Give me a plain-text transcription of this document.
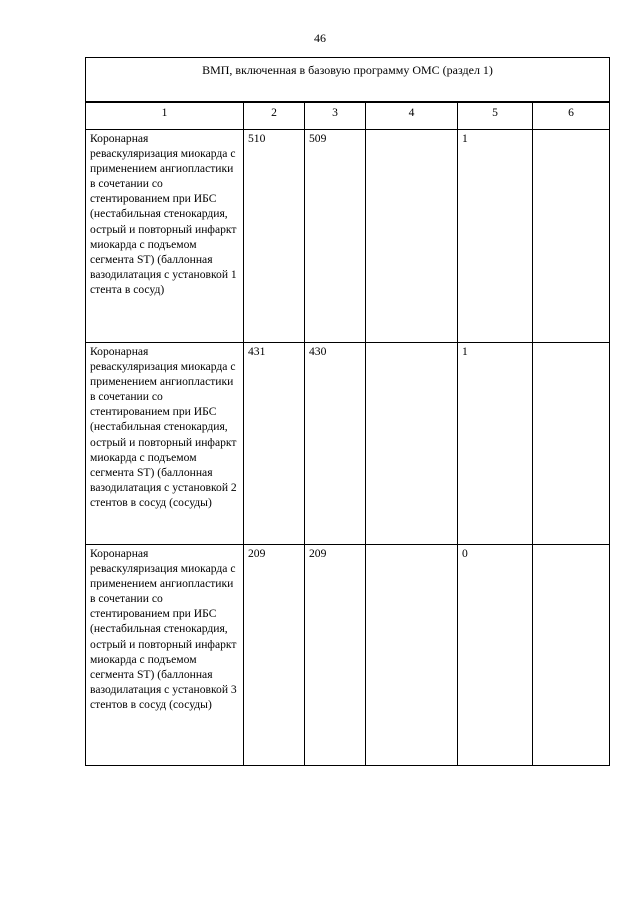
46
ВМП, включенная в базовую программу ОМС (раздел 1)					
1	2	3	4	5	6
Коронарная реваскуляризация миокарда с применением ангиопластики в сочетании со стентированием при ИБС (нестабильная стенокардия, острый и повторный инфаркт миокарда с подъемом сегмента ST) (баллонная вазодилатация с установкой 1 стента в сосуд)	510	509		1	
Коронарная реваскуляризация миокарда с применением ангиопластики в сочетании со стентированием при ИБС (нестабильная стенокардия, острый и повторный инфаркт миокарда с подъемом сегмента ST) (баллонная вазодилатация с установкой 2 стентов в сосуд (сосуды)	431	430		1	
Коронарная реваскуляризация миокарда с применением ангиопластики в сочетании со стентированием при ИБС (нестабильная стенокардия, острый и повторный инфаркт миокарда с подъемом сегмента ST) (баллонная вазодилатация с установкой 3 стентов в сосуд (сосуды)	209	209		0	
